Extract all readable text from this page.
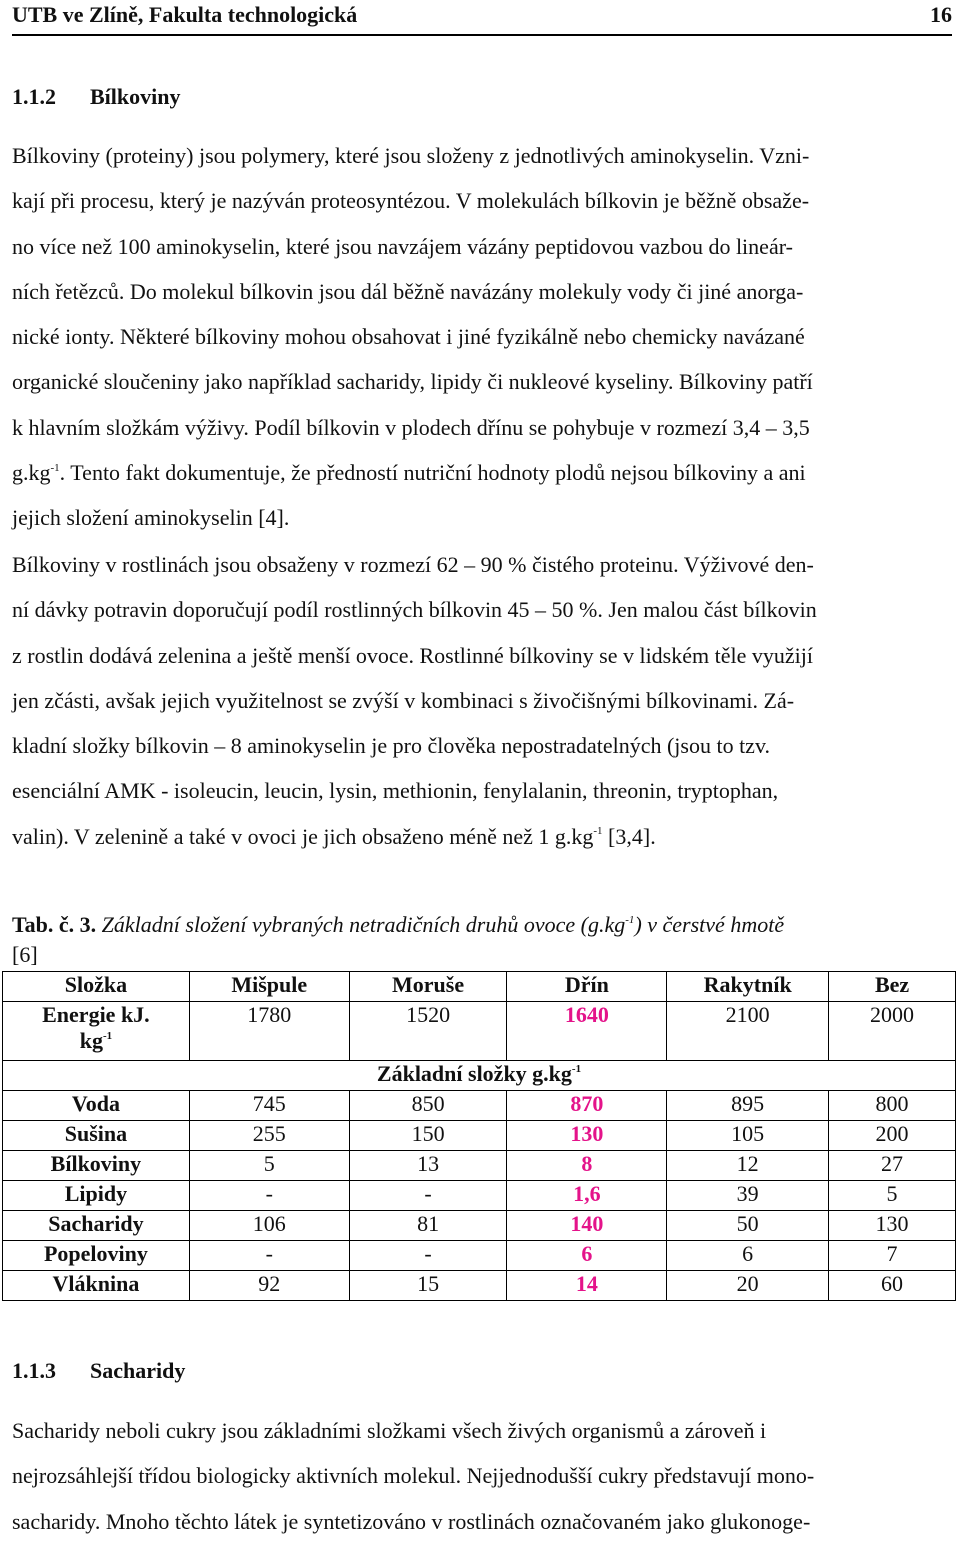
UTB ve Zlíně, Fakulta technologická	16
1.1.2 Bílkoviny
Bílkoviny (proteiny) jsou polymery, které jsou složeny z jednotlivých aminokyselin. Vzni-
kají při procesu, který je nazýván proteosyntézou. V molekulách bílkovin je běžně obsaže-
no více než 100 aminokyselin, které jsou navzájem vázány peptidovou vazbou do lineár-
ních řetězců. Do molekul bílkovin jsou dál běžně navázány molekuly vody či jiné anorga-
nické ionty. Některé bílkoviny mohou obsahovat i jiné fyzikálně nebo chemicky navázané
organické sloučeniny jako například sacharidy, lipidy či nukleové kyseliny. Bílkoviny patří
k hlavním složkám výživy. Podíl bílkovin v plodech dřínu se pohybuje v rozmezí 3,4 – 3,5
$g.kg^{-1}$. Tento fakt dokumentuje, že předností nutriční hodnoty plodů nejsou bílkoviny a ani
jejich složení aminokyselin [4].
Bílkoviny v rostlinách jsou obsaženy v rozmezí 62 – 90 % čistého proteinu. Výživové den-
ní dávky potravin doporučují podíl rostlinných bílkovin 45 – 50 %. Jen malou část bílkovin
z rostlin dodává zelenina a ještě menší ovoce. Rostlinné bílkoviny se v lidském těle využijí
jen zčásti, avšak jejich využitelnost se zvýší v kombinaci s živočišnými bílkovinami. Zá-
kladní složky bílkovin – 8 aminokyselin je pro člověka nepostradatelných (jsou to tzv.
esenciální AMK - isoleucin, leucin, lysin, methionin, fenylalanin, threonin, tryptophan,
valin). V zelenině a také v ovoci je jich obsaženo méně než 1 $g.kg^{-1}$ [3,4].
Tab. č. 3. Základní složení vybraných netradičních druhů ovoce $(g.kg^{-1})$ v čerstvé hmotě
[6]
Složka	Mišpule	Moruše	Dřín	Rakytník	Bez
Energie kJ.
$kg^{-1}$	1780	1520	1640	2100	2000
Základní složky $g.kg^{-1}$
Voda	745	850	870	895	800
Sušina	255	150	130	105	200
Bílkoviny	5	13	8	12	27
Lipidy	-	-	1,6	39	5
Sacharidy	106	81	140	50	130
Popeloviny	-	-	6	6	7
Vláknina	92	15	14	20	60
1.1.3 Sacharidy
Sacharidy neboli cukry jsou základními složkami všech živých organismů a zároveň i
nejrozsáhlejší třídou biologicky aktivních molekul. Nejjednodušší cukry představují mono-
sacharidy. Mnoho těchto látek je syntetizováno v rostlinách označovaném jako glukonoge-
